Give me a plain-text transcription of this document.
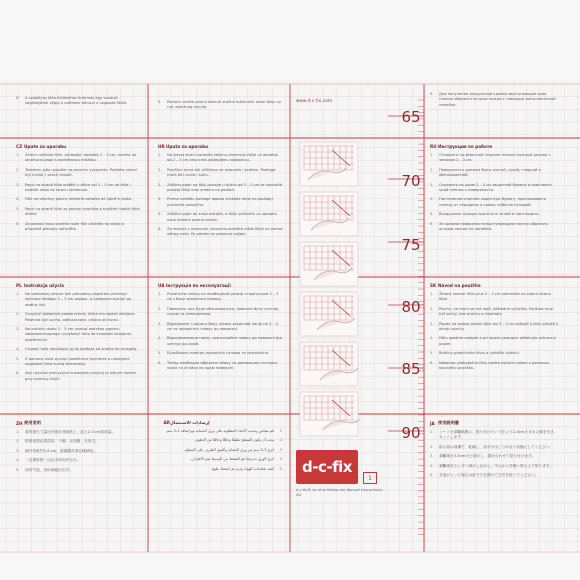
6.	A szabályos fólia kiütéséhez érdemes egy vonalzó segítségével végig a széleken áthúzni a ragasztó fóliát.	6.	Pomoću mekih perica stisnuti zračne mjehuriće izvan fóliju uz rub uzdužnog ravnila.
6.	Для получения аккуратной кромки выступающие края пленки обрезать острым ножом с помощью металлической линейки.
www.d-c-fix.com
CZ Upute za uporabu
1.	Želenu velikost fólie, přidavajíc dodatek 2 – 3 cm, nanést na strukturní papír s rozměrovou mřížkou.
2.	Tenkému páku položte na povrchu vyspravte. Podlaha nesmí být hrubá, i prach nevadí.
3.	Papír na straně fólie oddělit v délce asi 3 – 5 cm od fólie i naležte nebo na stranu středovou.
4.	Fólii na všechny plochy zřetelně zatlačte až úplně k ploše.
5.	Papír na straně fólie za pomoci pravítka a krajíček hladké fólie otřete.
6.	Za pomoci kusu ostrého nože fólii uřízněte na okraji a případné přesahy odřízněte.
HR Uputa za uporabu
1.	Na lijevoj strani nanesite željenu dimenziju fólije uz dodatak od 2 – 3 cm kroz sred zalijepljenu naljepnicu.
2.	Površina mora biti očišćena od masnoće i prašine. Podloga mora biti ravna i suha.
3.	Zaštitni papir na fóliji odvojte u dužini od 3 – 5 cm te naznačiti položaj fólije kroz sredinu na podlozi.
4.	Prema središtu podloge lagano stiskajte dalje na podlogu prislonite polovično.
5.	Zaštitni papir do kraja odvojte, a fóliju pritisnite uz uporabu suhe tkanine prema sredini.
6.	Za rezanje s neravnim rubovima odrežite višak fólije uz pomoć oštrog noža. Po potrebi se ponovno naljepi.
RU Инструкция по работе
1.	Отмерить на обратной стороне пленки нужный размер с запасом 2 – 3 см.
2.	Поверхность должна быть чистой, сухой, гладкой и обезжиренной.
3.	Отделить по краю 3 – 5 см защитной бумаги и приклеить край пленки к поверхности.
4.	Постепенно отделяя защитную бумагу, приглаживать пленку от середины к краям, избегая пузырей.
5.	Воздушные пузыри проткнуть иглой и пригладить.
6.	За краями поверхности выступающую пленку обрезать острым ножом по линейке.
PL Instrukcja użycia
1.	Na odwrotnej stronie folii potrzebny papierem zmierzyć wymiary dodając 2 – 3 cm zapasu, a następnie wyciąć go wzdłuż linii.
2.	Oczyścić dokładnie powierzchnię, która ma zostać oklejona. Powinna być sucha, odtłuszczona i wolna od kurzu.
3.	Na odcinku około 3 – 5 cm usunąć warstwę papieru zabezpieczającego i przyłożyć folię do krawędzi oklejanej powierzchni.
4.	Usuwać folię dociskając ją do podłoża od środka do brzegów.
5.	Z pomocą noża wyciąć powietrzne pęcherze a następnie wygładzić folię suchą ściereczką.
6.	Aby uzyskać precyzyjne krawędzie przytnij je ostrym nożem przy pomocy linijki.
UA Інструкція по експлуатації
1.	Розмітити плівку на необхідний розмір з припуском 2 – 3 см з боку захисного паперу.
2.	Поверхня, яка буде обклеюватися, повинна бути чистою, сухою та знежиреною.
3.	Відокремте з одного боку плівки захисний папір на 3 – 5 см та прикріпіть плівку до поверхні.
4.	Відокремлюючи папір, притискайте плівку до поверхні від центру до країв.
5.	Бульбашки повітря проколіть голкою та притисніть.
6.	Тепер необхідно обрізати плівку за допомогою гострого ножа та лінійки по краю поверхні.
SK Návod na použitie
1.	Želaný rozmer fólie plus 2 – 3 cm nakreslite na zadnú stranu fólie.
2.	Plochu, na ktorú sa má lepiť, dôkladne vyčistite. Podklad musí byť suchý, bez prachu a mastnoty.
3.	Papier na zadnej strane fólie asi 3 – 5 cm odlepiť a fóliu priložiť k okraju plochy.
4.	Fóliu opatrne nalepte a pri lepení postupne odťahujte ochranný papier.
5.	Bubliny prepichnite ihlou a vytlačte vzduch.
6.	Nakoniec prebytočnú fóliu orežte ostrým nožom s pomocou kovového pravítka.
ZH 使用说明
1.	将所需尺寸量出并画在背面纸上，加上2-3 cm的裕量。
2.	粘贴表面必须清洁、干燥、无油脂、无灰尘。
3.	揭开背纸约3-5 cm，将薄膜对准边缘粘贴。
4.	一边揭背纸一边从中间向外压平。
5.	如有气泡，用针刺破后压平。
إرشادات الاستعمال
AR
.1
قم بقياس وتحديد الأبعاد المطلوبة على ورق الحماية مع إضافة 2-3 سم.
.2
يجب أن يكون السطح نظيفًا وجافًا وخاليًا من الدهون.
.3
انزع 3-5 سم من ورق الحماية وألصق الطرف على السطح.
.4
انزع الورق تدريجيًا مع الضغط من الوسط نحو الأطراف.
.5
اثقب فقاعات الهواء بإبرة ثم اضغط عليها.
JA 使用説明書
1.	シートを剥離紙側に、貼り付けたい寸法より2-3cm大きめに線を引き、カットします。
2.	貼る面は清潔で、乾燥し、油分やほこりがない状態にしてください。
3.	剥離紙を3-5cmほど剥がし、端を合わせて貼り付けます。
4.	剥離紙を少しずつ剥がしながら、中心から外側へ押さえて貼ります。
5.	気泡が入った場合は針で穴を開けて空気を抜いてください。
65
70
75
80
85
90
d-c-fix
1
d-c-fix® ist eine Marke der Konrad Hornschuch AG
